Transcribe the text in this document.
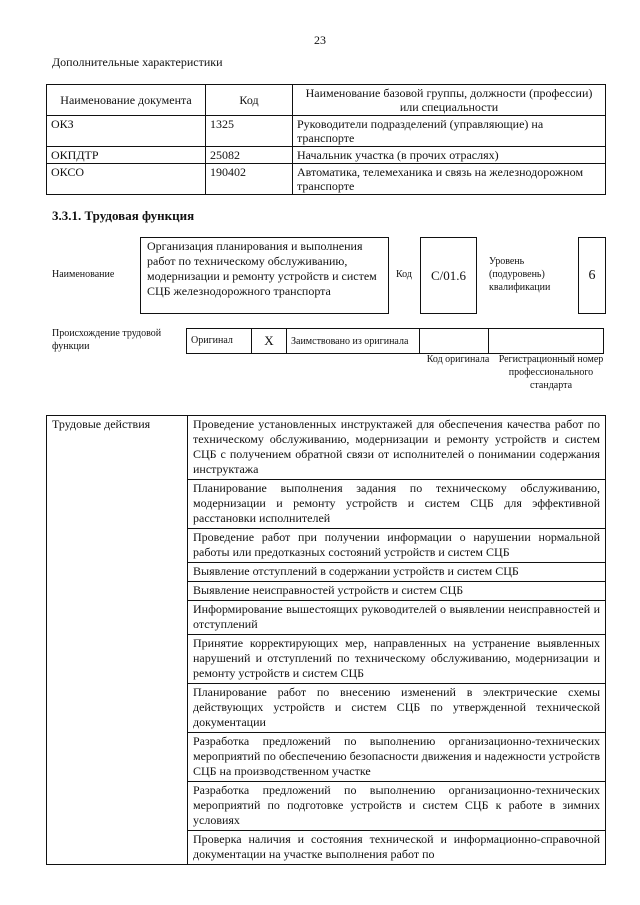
23
Дополнительные характеристики
Наименование документа	Код	Наименование базовой группы, должности (профессии) или специальности
ОКЗ	1325	Руководители подразделений (управляющие) на транспорте
ОКПДТР	25082	Начальник участка (в прочих отраслях)
ОКСО	190402	Автоматика, телемеханика и связь на железнодорожном транспорте
3.3.1. Трудовая функция
Наименование
Организация планирования и выполнения работ по техническому обслуживанию, модернизации и ремонту устройств и систем СЦБ железнодорожного транспорта
Код	C/01.6
Уровень (подуровень) квалификации
6
Происхождение трудовой функции
Оригинал	X	Заимствовано из оригинала		
Код оригинала Регистрационный номер профессионального стандарта
Трудовые действия	Проведение установленных инструктажей для обеспечения качества работ по техническому обслуживанию, модернизации и ремонту устройств и систем СЦБ с получением обратной связи от исполнителей о понимании содержания инструктажа
Планирование выполнения задания по техническому обслуживанию, модернизации и ремонту устройств и систем СЦБ для эффективной расстановки исполнителей
Проведение работ при получении информации о нарушении нормальной работы или предотказных состояний устройств и систем СЦБ
Выявление отступлений в содержании устройств и систем СЦБ
Выявление неисправностей устройств и систем СЦБ
Информирование вышестоящих руководителей о выявлении неисправностей и отступлений
Принятие корректирующих мер, направленных на устранение выявленных нарушений и отступлений по техническому обслуживанию, модернизации и ремонту устройств и систем СЦБ
Планирование работ по внесению изменений в электрические схемы действующих устройств и систем СЦБ по утвержденной технической документации
Разработка предложений по выполнению организационно-технических мероприятий по обеспечению безопасности движения и надежности устройств СЦБ на производственном участке
Разработка предложений по выполнению организационно-технических мероприятий по подготовке устройств и систем СЦБ к работе в зимних условиях
Проверка наличия и состояния технической и информационно-справочной документации на участке выполнения работ по
